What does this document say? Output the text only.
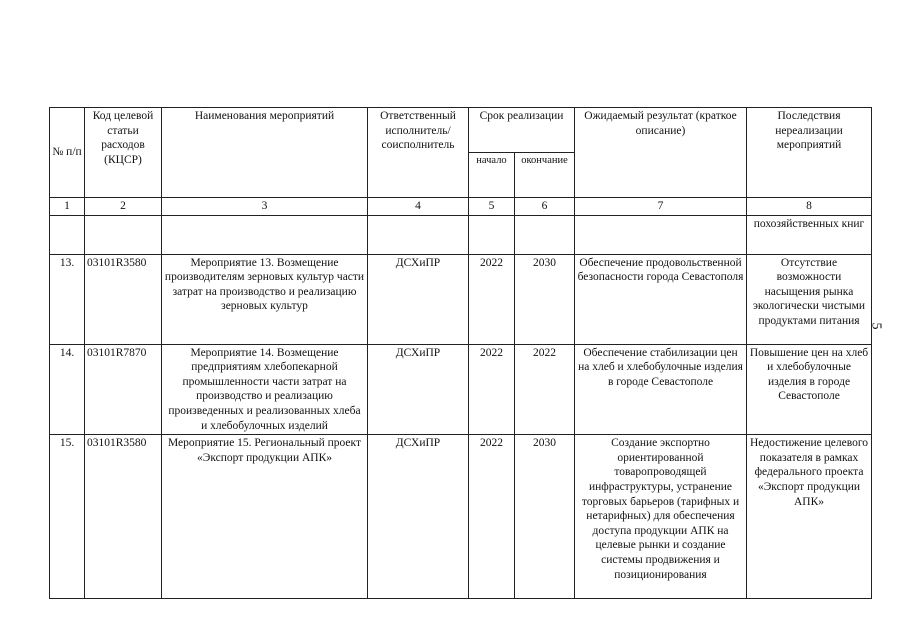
№ п/п	Код целевой статьи расходов (КЦСР)	Наименования мероприятий	Ответственный исполнитель/ соисполнитель	Срок реализации		Ожидаемый результат (краткое описание)	Последствия нереализации мероприятий
				начало	окончание		
1	2	3	4	5	6	7	8
							похозяйственных книг
13.	03101R3580	Мероприятие 13. Возмещение производителям зерновых культур части затрат на производство и реализацию зерновых культур	ДСХиПР	2022	2030	Обеспечение продовольственной безопасности города Севастополя	Отсутствие возможности насыщения рынка экологически чистыми продуктами питания
14.	03101R7870	Мероприятие 14. Возмещение предприятиям хлебопекарной промышленности части затрат на производство и реализацию произведенных и реализованных хлеба и хлебобулочных изделий	ДСХиПР	2022	2022	Обеспечение стабилизации цен на хлеб и хлебобулочные изделия в городе Севастополе	Повышение цен на хлеб и хлебобулочные изделия в городе Севастополе
15.	03101R3580	Мероприятие 15. Региональный проект «Экспорт продукции АПК»	ДСХиПР	2022	2030	Создание экспортно ориентированной товаропроводящей инфраструктуры, устранение торговых барьеров (тарифных и нетарифных) для обеспечения доступа продукции АПК на целевые рынки и создание системы продвижения и позиционирования	Недостижение целевого показателя в рамках федерального проекта «Экспорт продукции АПК»
5
